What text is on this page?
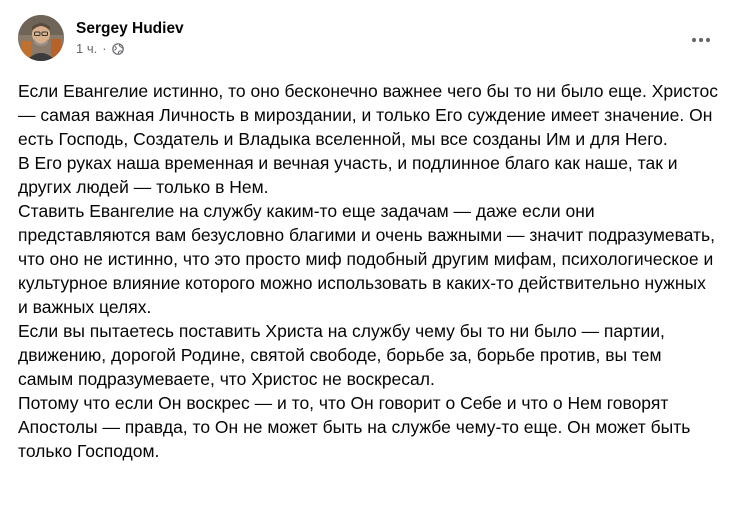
Sergey Hudiev
1 ч. ·

Если Евангелие истинно, то оно бесконечно важнее чего бы то ни было еще. Христос — самая важная Личность в мироздании, и только Его суждение имеет значение. Он есть Господь, Создатель и Владыка вселенной, мы все созданы Им и для Него.

В Его руках наша временная и вечная участь, и подлинное благо как наше, так и других людей — только в Нем.

Ставить Евангелие на службу каким-то еще задачам — даже если они представляются вам безусловно благими и очень важными — значит подразумевать, что оно не истинно, что это просто миф подобный другим мифам, психологическое и культурное влияние которого можно использовать в каких-то действительно нужных и важных целях.

Если вы пытаетесь поставить Христа на службу чему бы то ни было — партии, движению, дорогой Родине, святой свободе, борьбе за, борьбе против, вы тем самым подразумеваете, что Христос не воскресал.

Потому что если Он воскрес — и то, что Он говорит о Себе и что о Нем говорят Апостолы — правда, то Он не может быть на службе чему-то еще. Он может быть только Господом.
